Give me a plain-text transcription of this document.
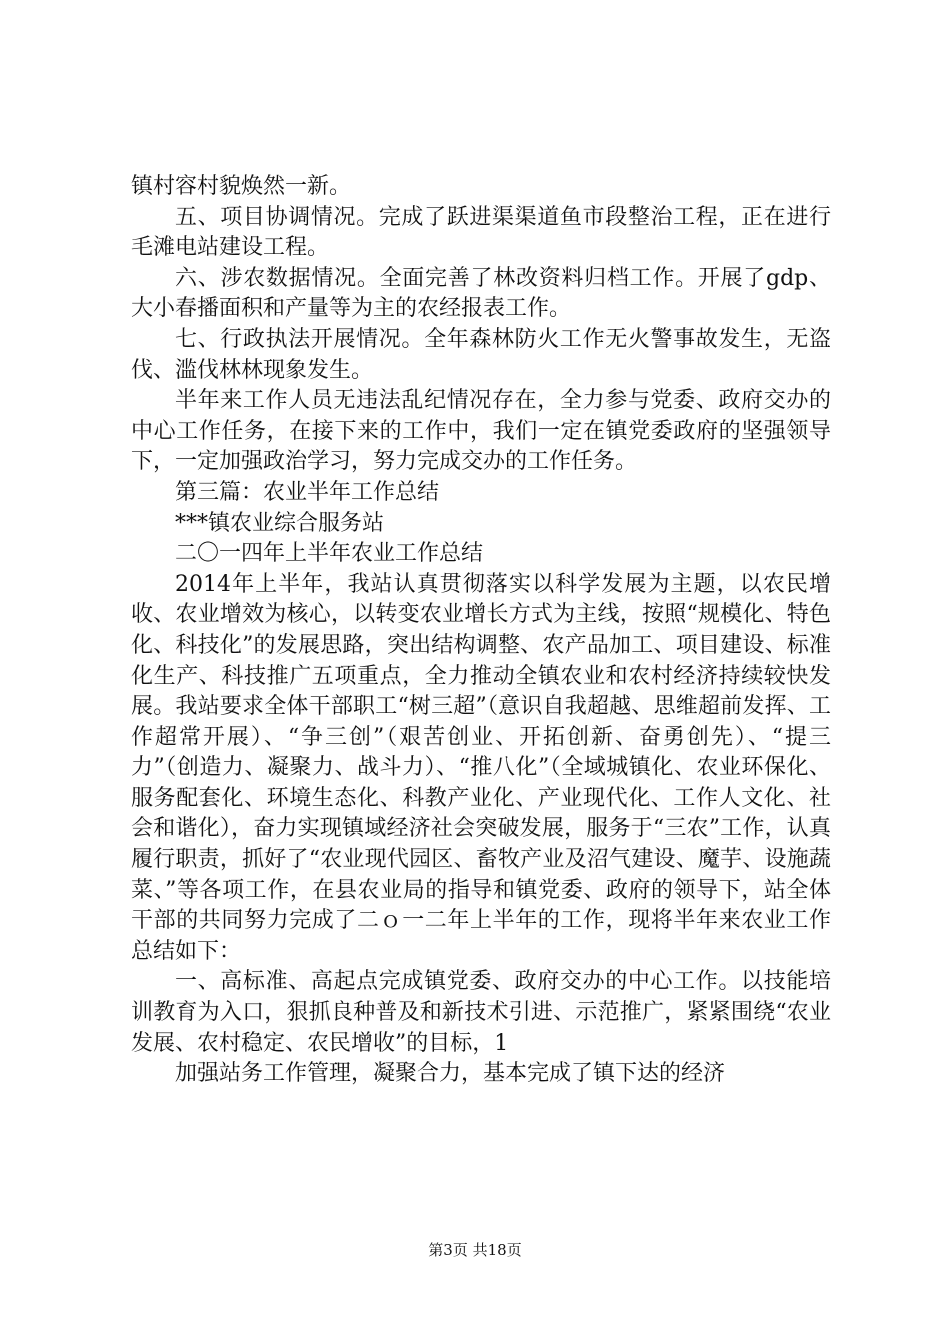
镇村容村貌焕然一新。

五、项目协调情况。完成了跃进渠渠道鱼市段整治工程，正在进行毛滩电站建设工程。

六、涉农数据情况。全面完善了林改资料归档工作。开展了gdp、大小春播面积和产量等为主的农经报表工作。

七、行政执法开展情况。全年森林防火工作无火警事故发生，无盗伐、滥伐林林现象发生。

半年来工作人员无违法乱纪情况存在，全力参与党委、政府交办的中心工作任务，在接下来的工作中，我们一定在镇党委政府的坚强领导下，一定加强政治学习，努力完成交办的工作任务。

第三篇：农业半年工作总结

***镇农业综合服务站

二〇一四年上半年农业工作总结

2014年上半年，我站认真贯彻落实以科学发展为主题，以农民增收、农业增效为核心，以转变农业增长方式为主线，按照“规模化、特色化、科技化”的发展思路，突出结构调整、农产品加工、项目建设、标准化生产、科技推广五项重点，全力推动全镇农业和农村经济持续较快发展。我站要求全体干部职工“树三超”（意识自我超越、思维超前发挥、工作超常开展）、“争三创”（艰苦创业、开拓创新、奋勇创先）、“提三力”（创造力、凝聚力、战斗力）、“推八化”（全域城镇化、农业环保化、服务配套化、环境生态化、科教产业化、产业现代化、工作人文化、社会和谐化），奋力实现镇域经济社会突破发展，服务于“三农”工作，认真履行职责，抓好了“农业现代园区、畜牧产业及沼气建设、魔芋、设施蔬菜、”等各项工作，在县农业局的指导和镇党委、政府的领导下，站全体干部的共同努力完成了二ｏ一二年上半年的工作，现将半年来农业工作总结如下：

一、高标准、高起点完成镇党委、政府交办的中心工作。以技能培训教育为入口，狠抓良种普及和新技术引进、示范推广，紧紧围绕“农业发展、农村稳定、农民增收”的目标，1

加强站务工作管理，凝聚合力，基本完成了镇下达的经济

第3页 共18页
